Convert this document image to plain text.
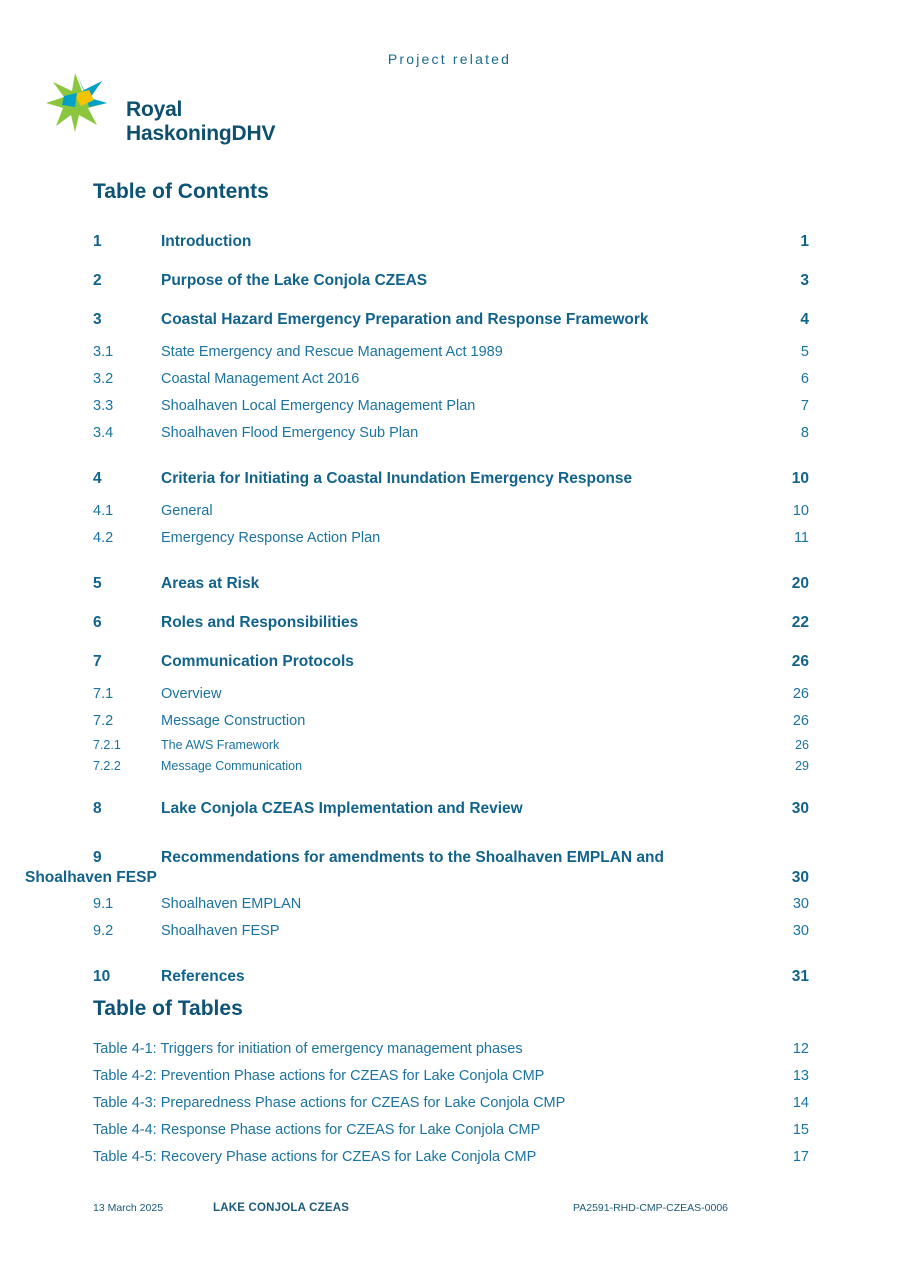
Project related
Royal
HaskoningDHV
Table of Contents
1	Introduction	1
2	Purpose of the Lake Conjola CZEAS	3
3	Coastal Hazard Emergency Preparation and Response Framework	4
3.1	State Emergency and Rescue Management Act 1989	5
3.2	Coastal Management Act 2016	6
3.3	Shoalhaven Local Emergency Management Plan	7
3.4	Shoalhaven Flood Emergency Sub Plan	8
4	Criteria for Initiating a Coastal Inundation Emergency Response	10
4.1	General	10
4.2	Emergency Response Action Plan	11
5	Areas at Risk	20
6	Roles and Responsibilities	22
7	Communication Protocols	26
7.1	Overview	26
7.2	Message Construction	26
7.2.1	The AWS Framework	26
7.2.2	Message Communication	29
8	Lake Conjola CZEAS Implementation and Review	30
9	Recommendations for amendments to the Shoalhaven EMPLAN and
Shoalhaven FESP	30
9.1	Shoalhaven EMPLAN	30
9.2	Shoalhaven FESP	30
10	References	31
Table of Tables
Table 4-1: Triggers for initiation of emergency management phases	12
Table 4-2: Prevention Phase actions for CZEAS for Lake Conjola CMP	13
Table 4-3: Preparedness Phase actions for CZEAS for Lake Conjola CMP	14
Table 4-4: Response Phase actions for CZEAS for Lake Conjola CMP	15
Table 4-5: Recovery Phase actions for CZEAS for Lake Conjola CMP	17
13 March 2025	LAKE CONJOLA CZEAS	PA2591-RHD-CMP-CZEAS-0006
